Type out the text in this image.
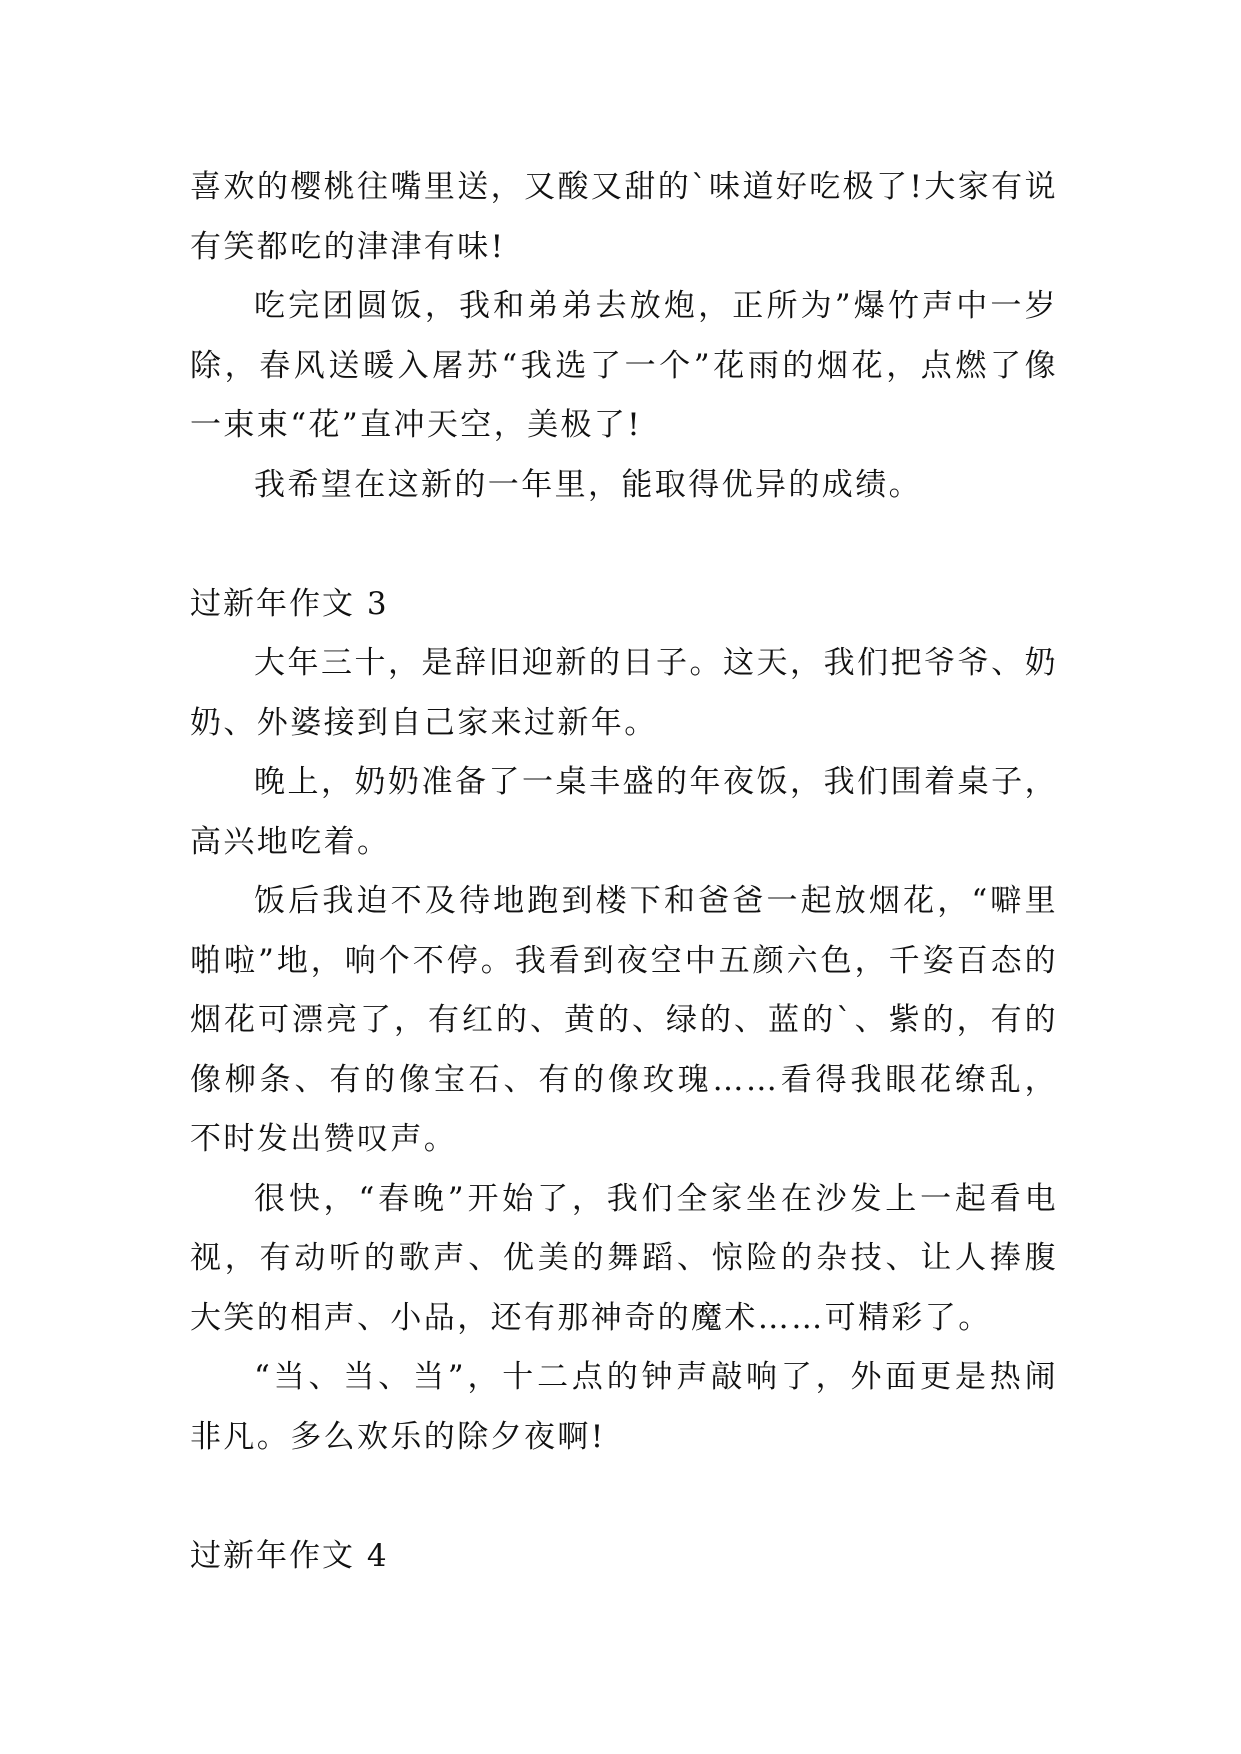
喜欢的樱桃往嘴里送，又酸又甜的`味道好吃极了!大家有说有笑都吃的津津有味!

吃完团圆饭，我和弟弟去放炮，正所为”爆竹声中一岁除，春风送暖入屠苏“我选了一个”花雨的烟花，点燃了像一束束“花”直冲天空，美极了!

我希望在这新的一年里，能取得优异的成绩。

过新年作文 3

大年三十，是辞旧迎新的日子。这天，我们把爷爷、奶奶、外婆接到自己家来过新年。

晚上，奶奶准备了一桌丰盛的年夜饭，我们围着桌子，高兴地吃着。

饭后我迫不及待地跑到楼下和爸爸一起放烟花，“噼里啪啦”地，响个不停。我看到夜空中五颜六色，千姿百态的烟花可漂亮了，有红的、黄的、绿的、蓝的`、紫的，有的像柳条、有的像宝石、有的像玫瑰……看得我眼花缭乱，不时发出赞叹声。

很快，“春晚”开始了，我们全家坐在沙发上一起看电视，有动听的歌声、优美的舞蹈、惊险的杂技、让人捧腹大笑的相声、小品，还有那神奇的魔术……可精彩了。

“当、当、当”，十二点的钟声敲响了，外面更是热闹非凡。多么欢乐的除夕夜啊!

过新年作文 4
